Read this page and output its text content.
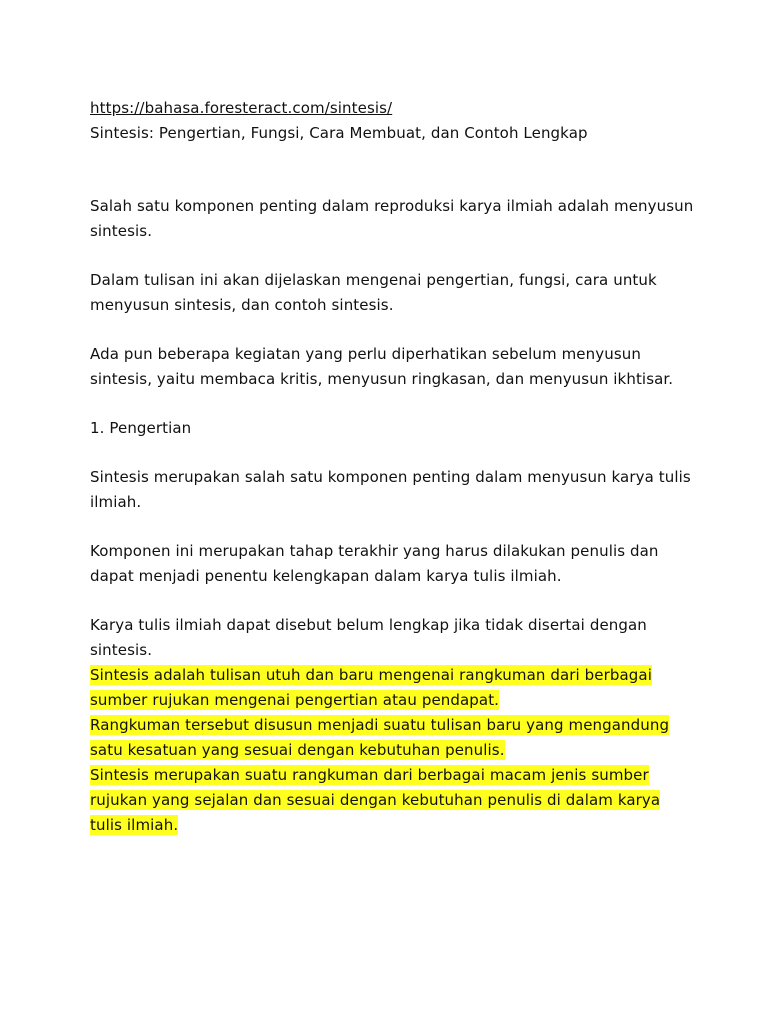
https://bahasa.foresteract.com/sintesis/
Sintesis: Pengertian, Fungsi, Cara Membuat, dan Contoh Lengkap

Salah satu komponen penting dalam reproduksi karya ilmiah adalah menyusun sintesis.

Dalam tulisan ini akan dijelaskan mengenai pengertian, fungsi, cara untuk menyusun sintesis, dan contoh sintesis.

Ada pun beberapa kegiatan yang perlu diperhatikan sebelum menyusun sintesis, yaitu membaca kritis, menyusun ringkasan, dan menyusun ikhtisar.

1. Pengertian

Sintesis merupakan salah satu komponen penting dalam menyusun karya tulis ilmiah.

Komponen ini merupakan tahap terakhir yang harus dilakukan penulis dan dapat menjadi penentu kelengkapan dalam karya tulis ilmiah.

Karya tulis ilmiah dapat disebut belum lengkap jika tidak disertai dengan sintesis.

Sintesis adalah tulisan utuh dan baru mengenai rangkuman dari berbagai sumber rujukan mengenai pengertian atau pendapat.

Rangkuman tersebut disusun menjadi suatu tulisan baru yang mengandung satu kesatuan yang sesuai dengan kebutuhan penulis.

Sintesis merupakan suatu rangkuman dari berbagai macam jenis sumber rujukan yang sejalan dan sesuai dengan kebutuhan penulis di dalam karya tulis ilmiah.
